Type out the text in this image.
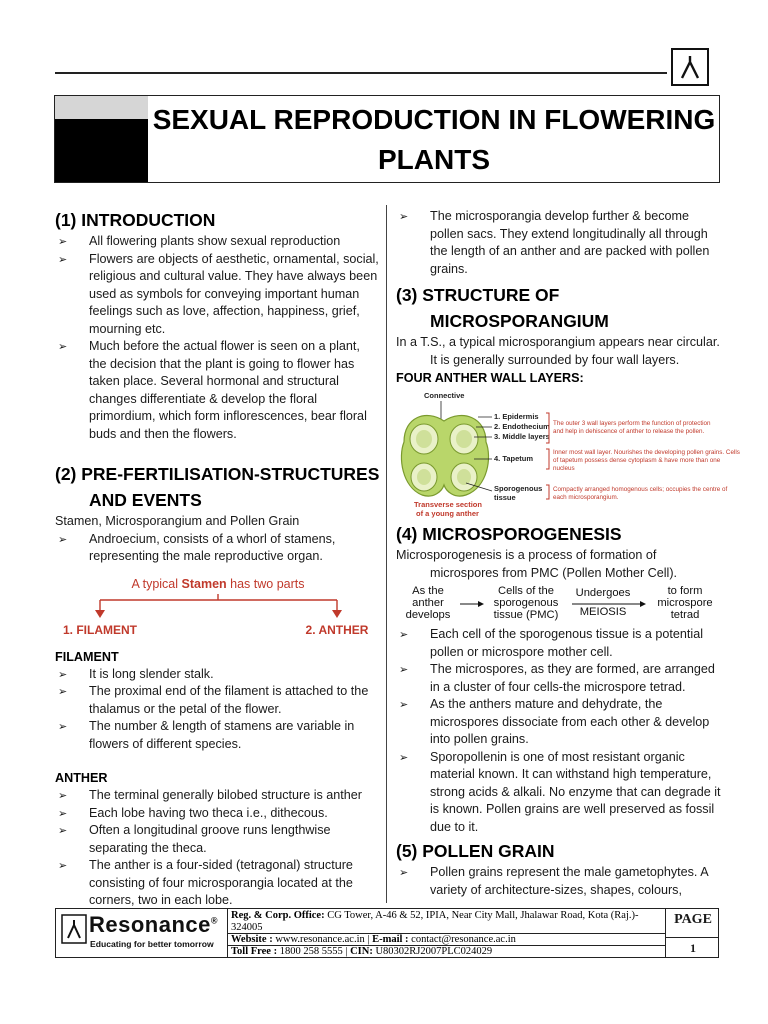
SEXUAL REPRODUCTION IN FLOWERING PLANTS
(1) INTRODUCTION
➢ All flowering plants show sexual reproduction
➢ Flowers are objects of aesthetic, ornamental, social, religious and cultural value. They have always been used as symbols for conveying important human feelings such as love, affection, happiness, grief, mourning etc.
➢ Much before the actual flower is seen on a plant, the decision that the plant is going to flower has taken place. Several hormonal and structural changes differentiate & develop the floral primordium, which form inflorescences, bear floral buds and then the flowers.
(2) PRE-FERTILISATION-STRUCTURES
AND EVENTS
Stamen, Microsporangium and Pollen Grain
➢ Androecium, consists of a whorl of stamens, representing the male reproductive organ.
A typical Stamen has two parts
1. FILAMENT	2. ANTHER
FILAMENT
➢ It is long slender stalk.
➢ The proximal end of the filament is attached to the thalamus or the petal of the flower.
➢ The number & length of stamens are variable in flowers of different species.
ANTHER
➢ The terminal generally bilobed structure is anther
➢ Each lobe having two theca i.e., dithecous.
➢ Often a longitudinal groove runs lengthwise separating the theca.
➢ The anther is a four-sided (tetragonal) structure consisting of four microsporangia located at the corners, two in each lobe.
➢ The microsporangia develop further & become pollen sacs. They extend longitudinally all through the length of an anther and are packed with pollen grains.
(3) STRUCTURE OF
MICROSPORANGIUM
In a T.S., a typical microsporangium appears near circular. It is generally surrounded by four wall layers.
FOUR ANTHER WALL LAYERS:
Connective
1. Epidermis
2. Endothecium
3. Middle layers
4. Tapetum
Sporogenous
tissue
Transverse section
of a young anther
The outer 3 wall layers perform the function of protection
and help in dehiscence of anther to release the pollen.
Inner most wall layer. Nourishes the developing pollen grains. Cells
of tapetum possess dense cytoplasm & have more than one
nucleus
Compactly arranged homogenous cells; occupies the centre of
each microsporangium.
(4) MICROSPOROGENESIS
Microsporogenesis is a process of formation of microspores from PMC (Pollen Mother Cell).
As the
anther
develops
Cells of the
sporogenous
tissue (PMC)
Undergoes
MEIOSIS
to form
microspore
tetrad
➢ Each cell of the sporogenous tissue is a potential pollen or microspore mother cell.
➢ The microspores, as they are formed, are arranged in a cluster of four cells-the microspore tetrad.
➢ As the anthers mature and dehydrate, the microspores dissociate from each other & develop into pollen grains.
➢ Sporopollenin is one of most resistant organic material known. It can withstand high temperature, strong acids & alkali. No enzyme that can degrade it is known. Pollen grains are well preserved as fossil due to it.
(5) POLLEN GRAIN
➢ Pollen grains represent the male gametophytes. A variety of architecture-sizes, shapes, colours,
Resonance®
Educating for better tomorrow
Reg. & Corp. Office: CG Tower, A-46 & 52, IPIA, Near City Mall, Jhalawar Road, Kota (Raj.)-
324005
Website : www.resonance.ac.in | E-mail : contact@resonance.ac.in
Toll Free : 1800 258 5555 | CIN: U80302RJ2007PLC024029
PAGE
1
